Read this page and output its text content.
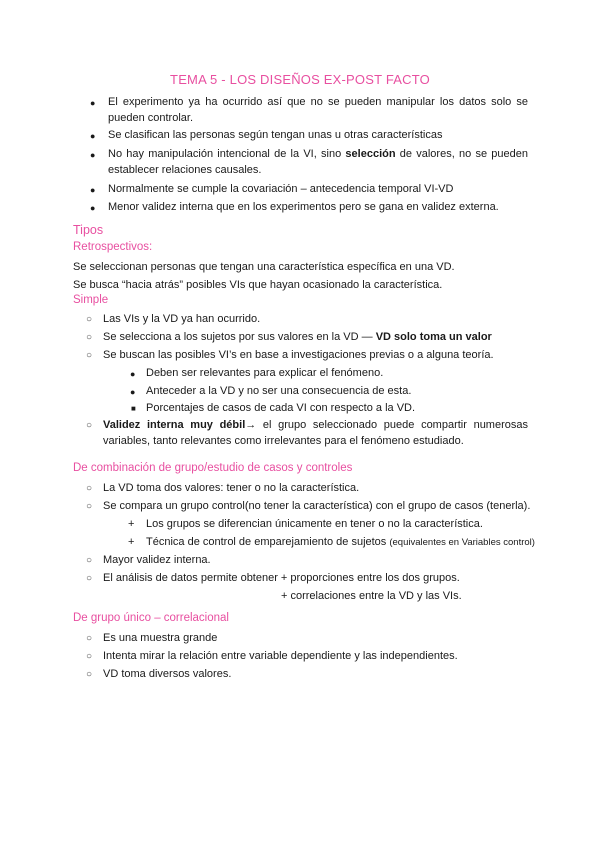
TEMA 5 - LOS DISEÑOS EX-POST FACTO
● El experimento ya ha ocurrido así que no se pueden manipular los datos solo se pueden controlar.
● Se clasifican las personas según tengan unas u otras características
● No hay manipulación intencional de la VI, sino selección de valores, no se pueden establecer relaciones causales.
● Normalmente se cumple la covariación – antecedencia temporal VI-VD
● Menor validez interna que en los experimentos pero se gana en validez externa.
Tipos
Retrospectivos:
Se seleccionan personas que tengan una característica específica en una VD.
Se busca “hacia atrás” posibles VIs que hayan ocasionado la característica.
Simple
○ Las VIs y la VD ya han ocurrido.
○ Se selecciona a los sujetos por sus valores en la VD — VD solo toma un valor
○ Se buscan las posibles VI’s en base a investigaciones previas o a alguna teoría.
● Deben ser relevantes para explicar el fenómeno.
● Anteceder a la VD y no ser una consecuencia de esta.
■ Porcentajes de casos de cada VI con respecto a la VD.
○ Validez interna muy débil→ el grupo seleccionado puede compartir numerosas variables, tanto relevantes como irrelevantes para el fenómeno estudiado.
De combinación de grupo/estudio de casos y controles
○ La VD toma dos valores: tener o no la característica.
○ Se compara un grupo control(no tener la característica) con el grupo de casos (tenerla).
+ Los grupos se diferencian únicamente en tener o no la característica.
+ Técnica de control de emparejamiento de sujetos (equivalentes en Variables control)
○ Mayor validez interna.
○ El análisis de datos permite obtener + proporciones entre los dos grupos.
+ correlaciones entre la VD y las VIs.
De grupo único – correlacional
○ Es una muestra grande
○ Intenta mirar la relación entre variable dependiente y las independientes.
○ VD toma diversos valores.
